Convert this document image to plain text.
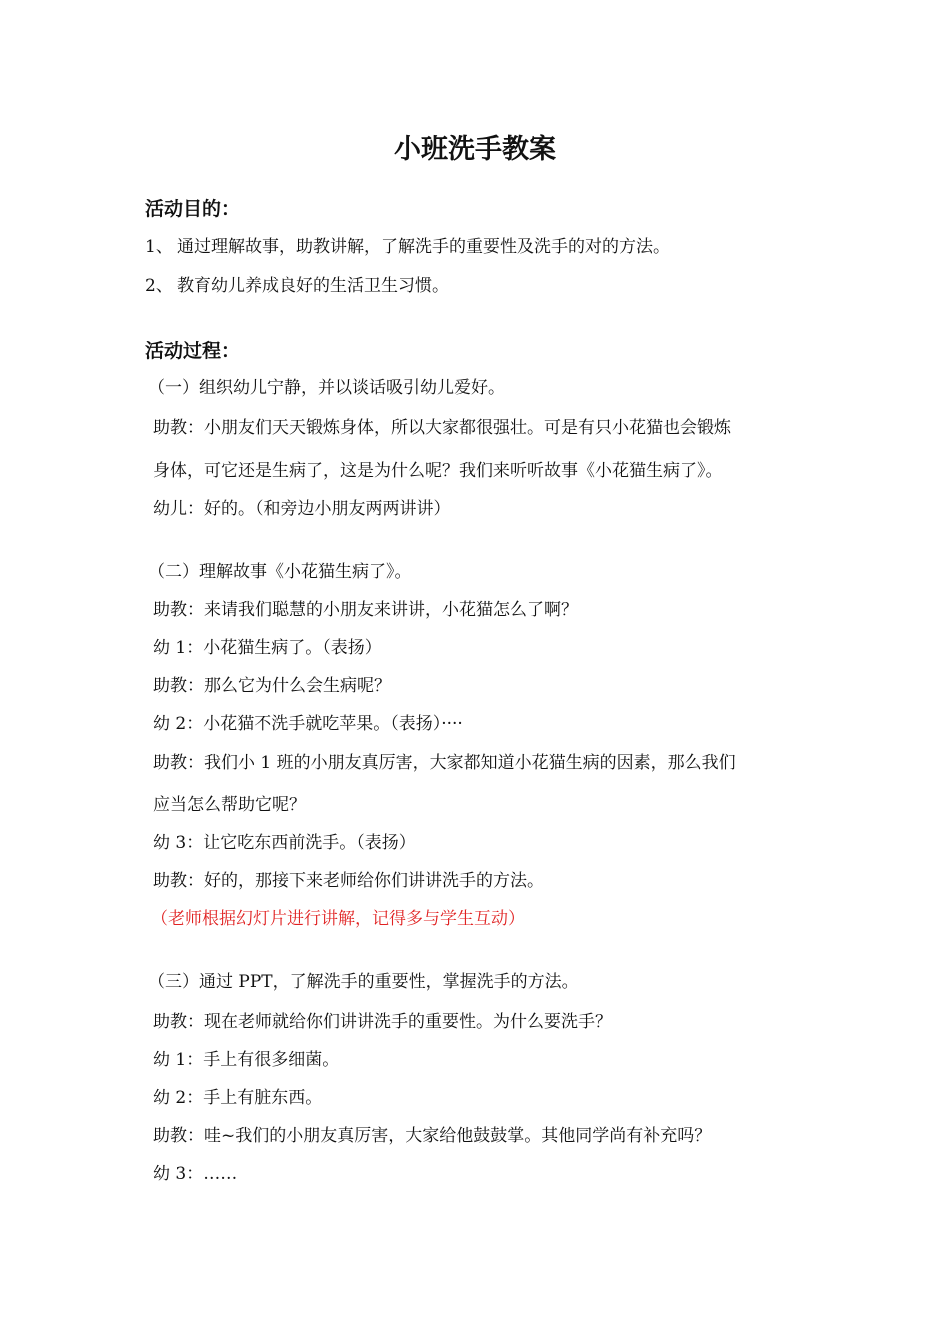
小班洗手教案
活动目的：

1、 通过理解故事，助教讲解，了解洗手的重要性及洗手的对的方法。

2、 教育幼儿养成良好的生活卫生习惯。

活动过程：

（一）组织幼儿宁静，并以谈话吸引幼儿爱好。

助教：小朋友们天天锻炼身体，所以大家都很强壮。可是有只小花猫也会锻炼

身体，可它还是生病了，这是为什么呢？我们来听听故事《小花猫生病了》。

幼儿：好的。（和旁边小朋友两两讲讲）

（二）理解故事《小花猫生病了》。

助教：来请我们聪慧的小朋友来讲讲，小花猫怎么了啊？

幼 1：小花猫生病了。（表扬）

助教：那么它为什么会生病呢？

幼 2：小花猫不洗手就吃苹果。（表扬）····

助教：我们小 1 班的小朋友真厉害，大家都知道小花猫生病的因素，那么我们

应当怎么帮助它呢？

幼 3：让它吃东西前洗手。（表扬）

助教：好的，那接下来老师给你们讲讲洗手的方法。

（老师根据幻灯片进行讲解，记得多与学生互动）

（三）通过 PPT，了解洗手的重要性，掌握洗手的方法。

助教：现在老师就给你们讲讲洗手的重要性。为什么要洗手？

幼 1：手上有很多细菌。

幼 2：手上有脏东西。

助教：哇~我们的小朋友真厉害，大家给他鼓鼓掌。其他同学尚有补充吗？

幼 3：……
